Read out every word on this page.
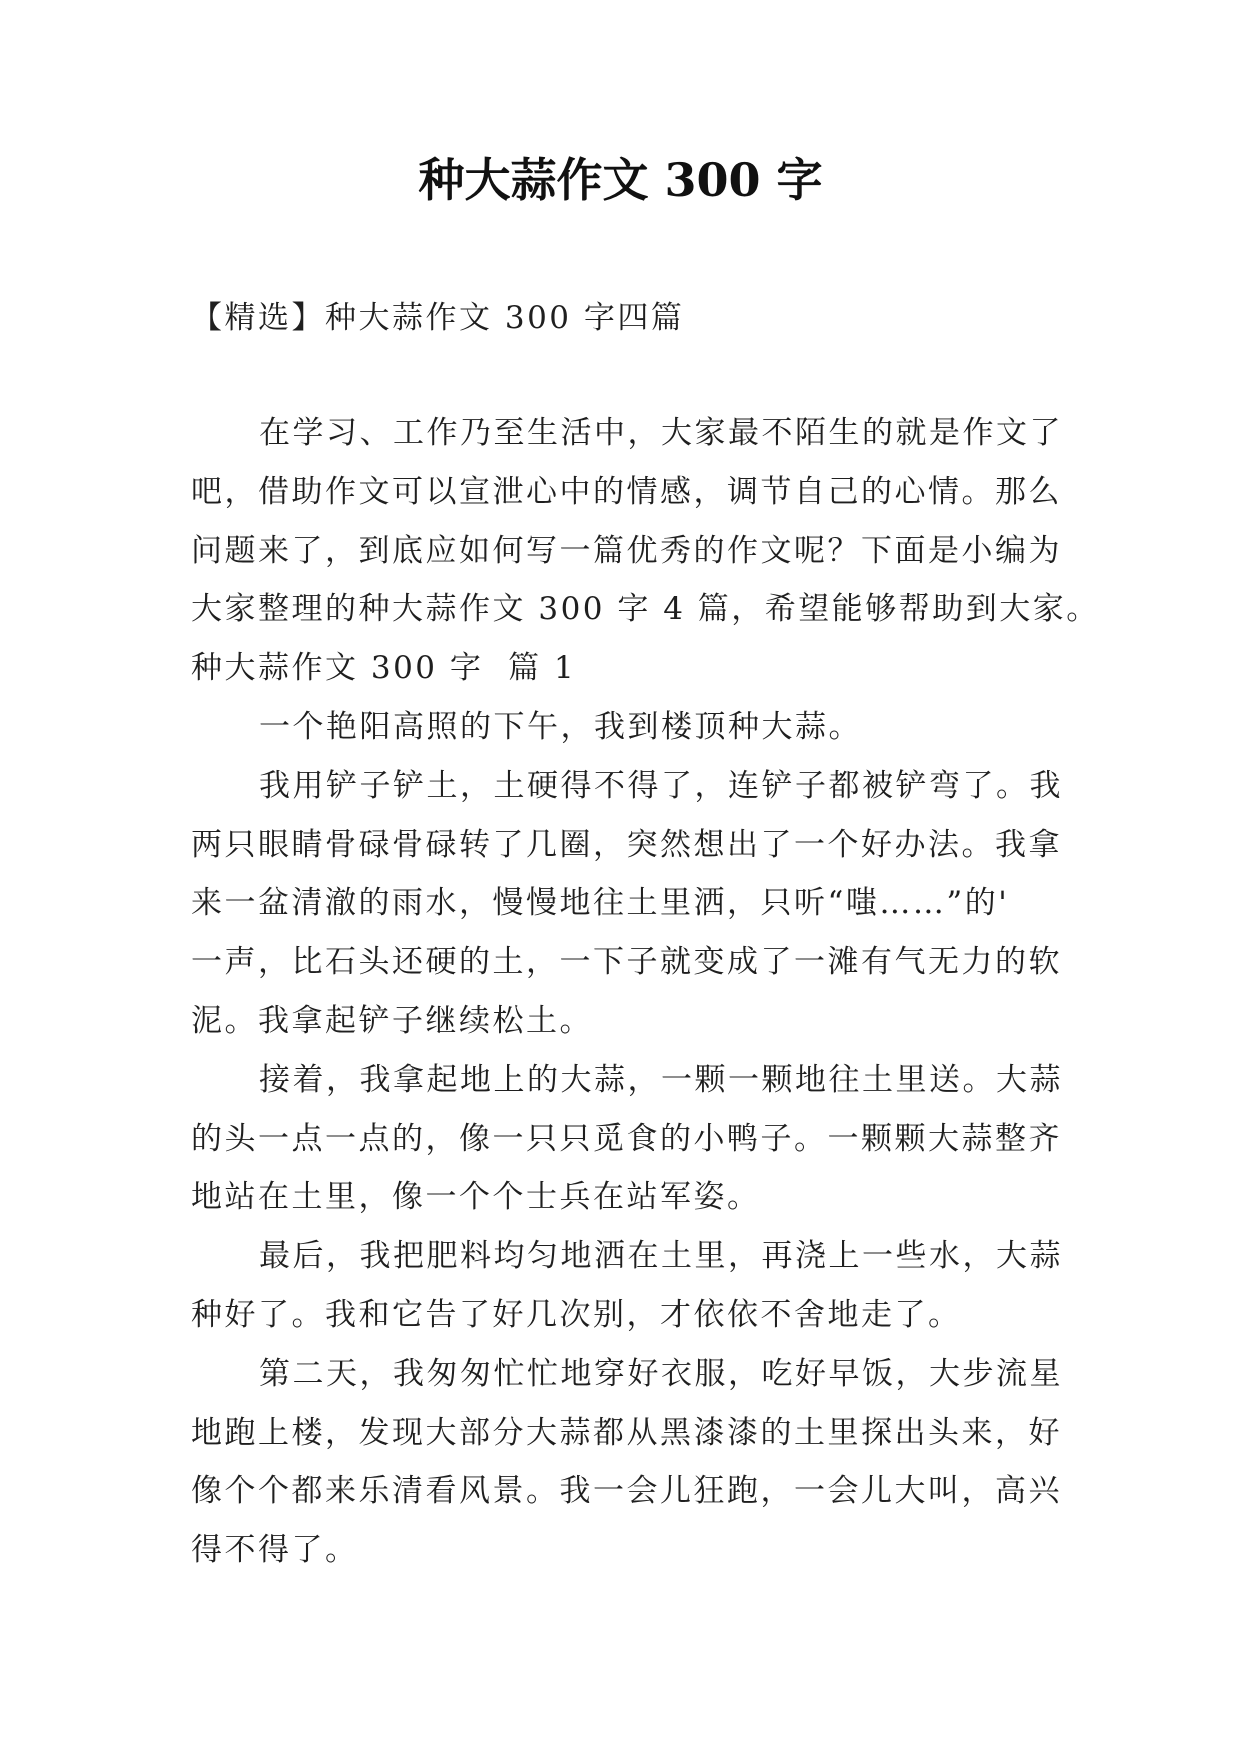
种大蒜作文 300 字
【精选】种大蒜作文 300 字四篇
在学习、工作乃至生活中，大家最不陌生的就是作文了
吧，借助作文可以宣泄心中的情感，调节自己的心情。那么
问题来了，到底应如何写一篇优秀的作文呢？下面是小编为
大家整理的种大蒜作文 300 字 4 篇，希望能够帮助到大家。
种大蒜作文 300 字  篇 1
一个艳阳高照的下午，我到楼顶种大蒜。
我用铲子铲土，土硬得不得了，连铲子都被铲弯了。我
两只眼睛骨碌骨碌转了几圈，突然想出了一个好办法。我拿
来一盆清澈的雨水，慢慢地往土里洒，只听“嗤……”的'
一声，比石头还硬的土，一下子就变成了一滩有气无力的软
泥。我拿起铲子继续松土。
接着，我拿起地上的大蒜，一颗一颗地往土里送。大蒜
的头一点一点的，像一只只觅食的小鸭子。一颗颗大蒜整齐
地站在土里，像一个个士兵在站军姿。
最后，我把肥料均匀地洒在土里，再浇上一些水，大蒜
种好了。我和它告了好几次别，才依依不舍地走了。
第二天，我匆匆忙忙地穿好衣服，吃好早饭，大步流星
地跑上楼，发现大部分大蒜都从黑漆漆的土里探出头来，好
像个个都来乐清看风景。我一会儿狂跑，一会儿大叫，高兴
得不得了。
